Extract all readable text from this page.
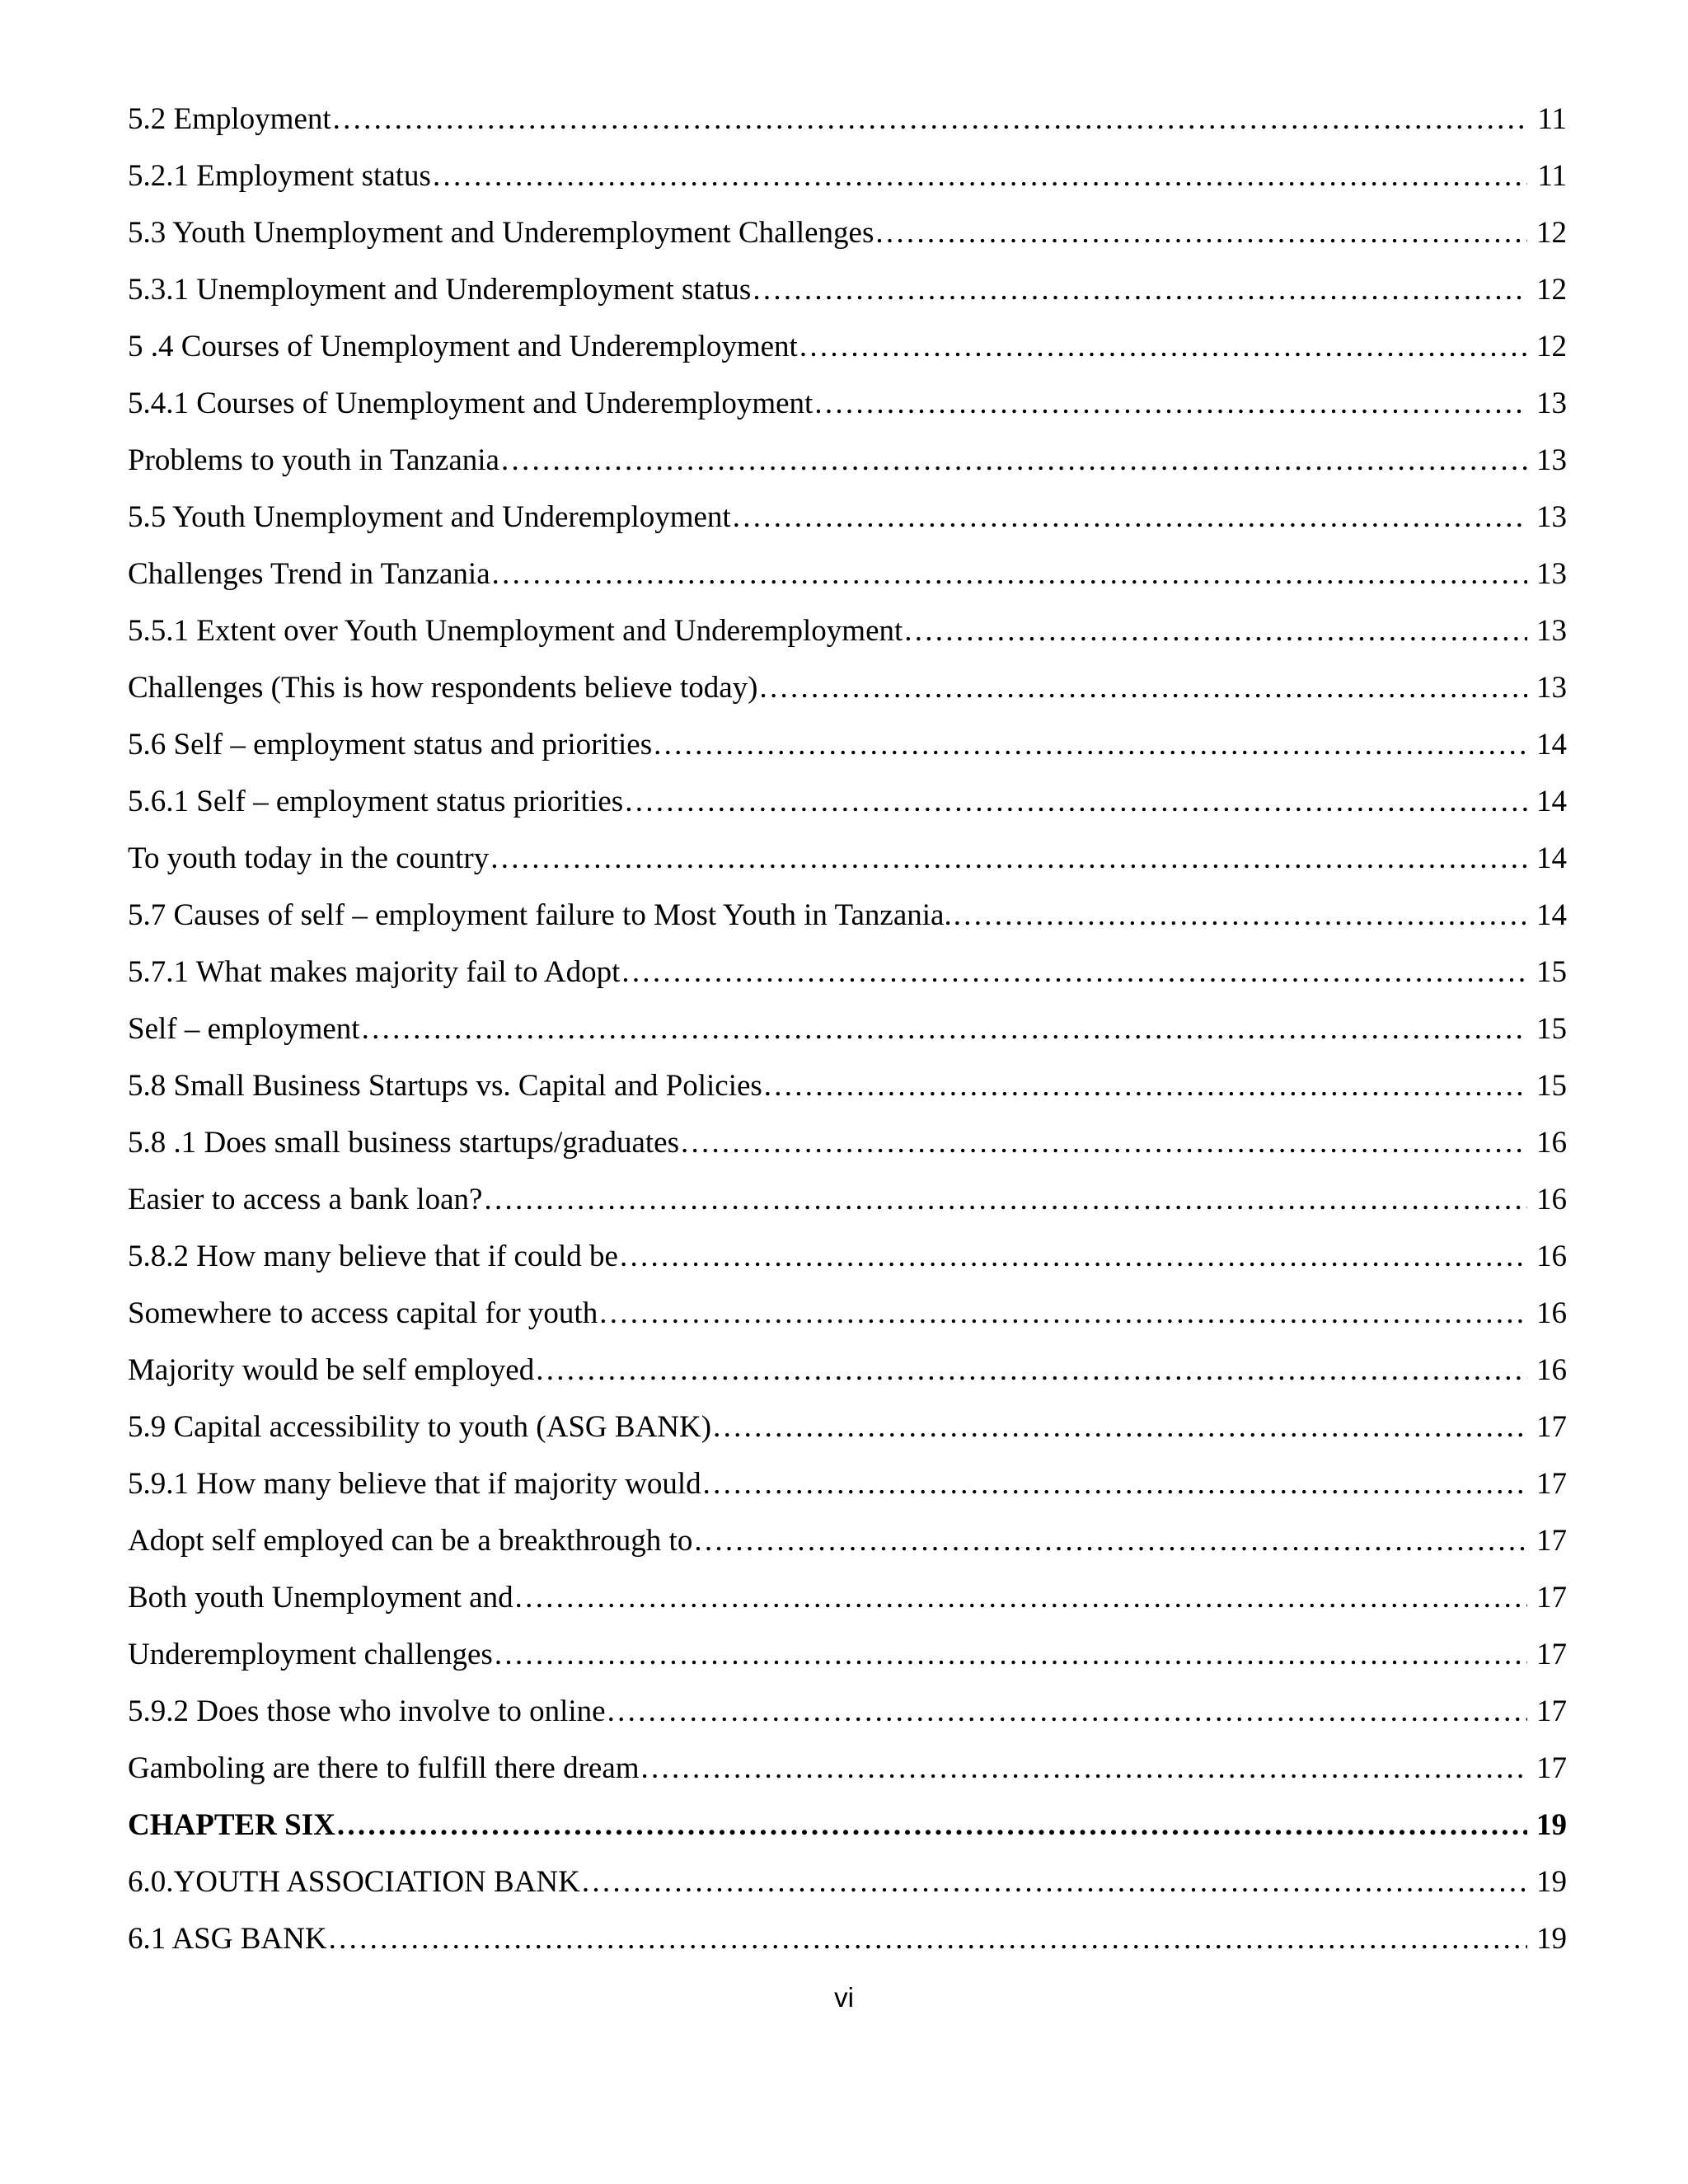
5.2 Employment . . .	11
5.2.1 Employment status . . .	11
5.3 Youth Unemployment and Underemployment Challenges . . .	12
5.3.1 Unemployment and Underemployment status . . .	12
5 .4 Courses of Unemployment and Underemployment . . .	12
5.4.1 Courses of Unemployment and Underemployment . . .	13
Problems to youth in Tanzania . . .	13
5.5 Youth Unemployment and Underemployment . . .	13
Challenges Trend in Tanzania . . .	13
5.5.1 Extent over Youth Unemployment and Underemployment . . .	13
Challenges (This is how respondents believe today) . . .	13
5.6 Self – employment status and priorities . . .	14
5.6.1 Self – employment status priorities . . .	14
To youth today in the country . . .	14
5.7 Causes of self – employment failure to Most Youth in Tanzania. . . .	14
5.7.1 What makes majority fail to Adopt . . .	15
Self – employment . . .	15
5.8 Small Business Startups vs. Capital and Policies . . .	15
5.8 .1 Does small business startups/graduates . . .	16
Easier to access a bank loan? . . .	16
5.8.2 How many believe that if could be . . .	16
Somewhere to access capital for youth . . .	16
Majority would be self employed . . .	16
5.9 Capital accessibility to youth (ASG BANK) . . .	17
5.9.1 How many believe that if majority would . . .	17
Adopt self employed can be a breakthrough to . . .	17
Both youth Unemployment and . . .	17
Underemployment challenges . . .	17
5.9.2 Does those who involve to online . . .	17
Gamboling are there to fulfill there dream . . .	17
CHAPTER SIX . . .	19
6.0.YOUTH ASSOCIATION BANK . . .	19
6.1 ASG BANK . . .	19
vi
